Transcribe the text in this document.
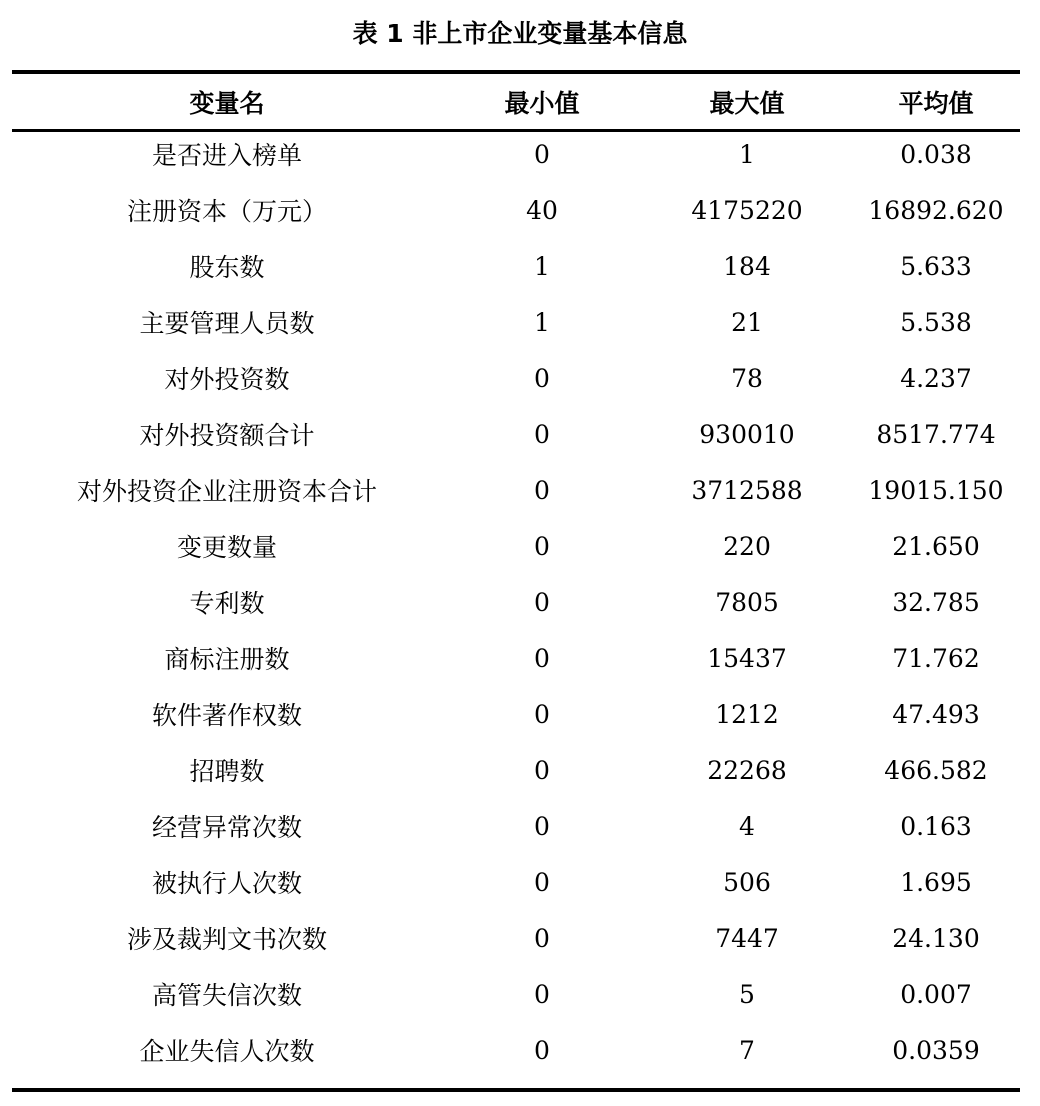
表 1 非上市企业变量基本信息
变量名	最小值	最大值	平均值
是否进入榜单	0	1	0.038
注册资本（万元）	40	4175220	16892.620
股东数	1	184	5.633
主要管理人员数	1	21	5.538
对外投资数	0	78	4.237
对外投资额合计	0	930010	8517.774
对外投资企业注册资本合计	0	3712588	19015.150
变更数量	0	220	21.650
专利数	0	7805	32.785
商标注册数	0	15437	71.762
软件著作权数	0	1212	47.493
招聘数	0	22268	466.582
经营异常次数	0	4	0.163
被执行人次数	0	506	1.695
涉及裁判文书次数	0	7447	24.130
高管失信次数	0	5	0.007
企业失信人次数	0	7	0.0359
